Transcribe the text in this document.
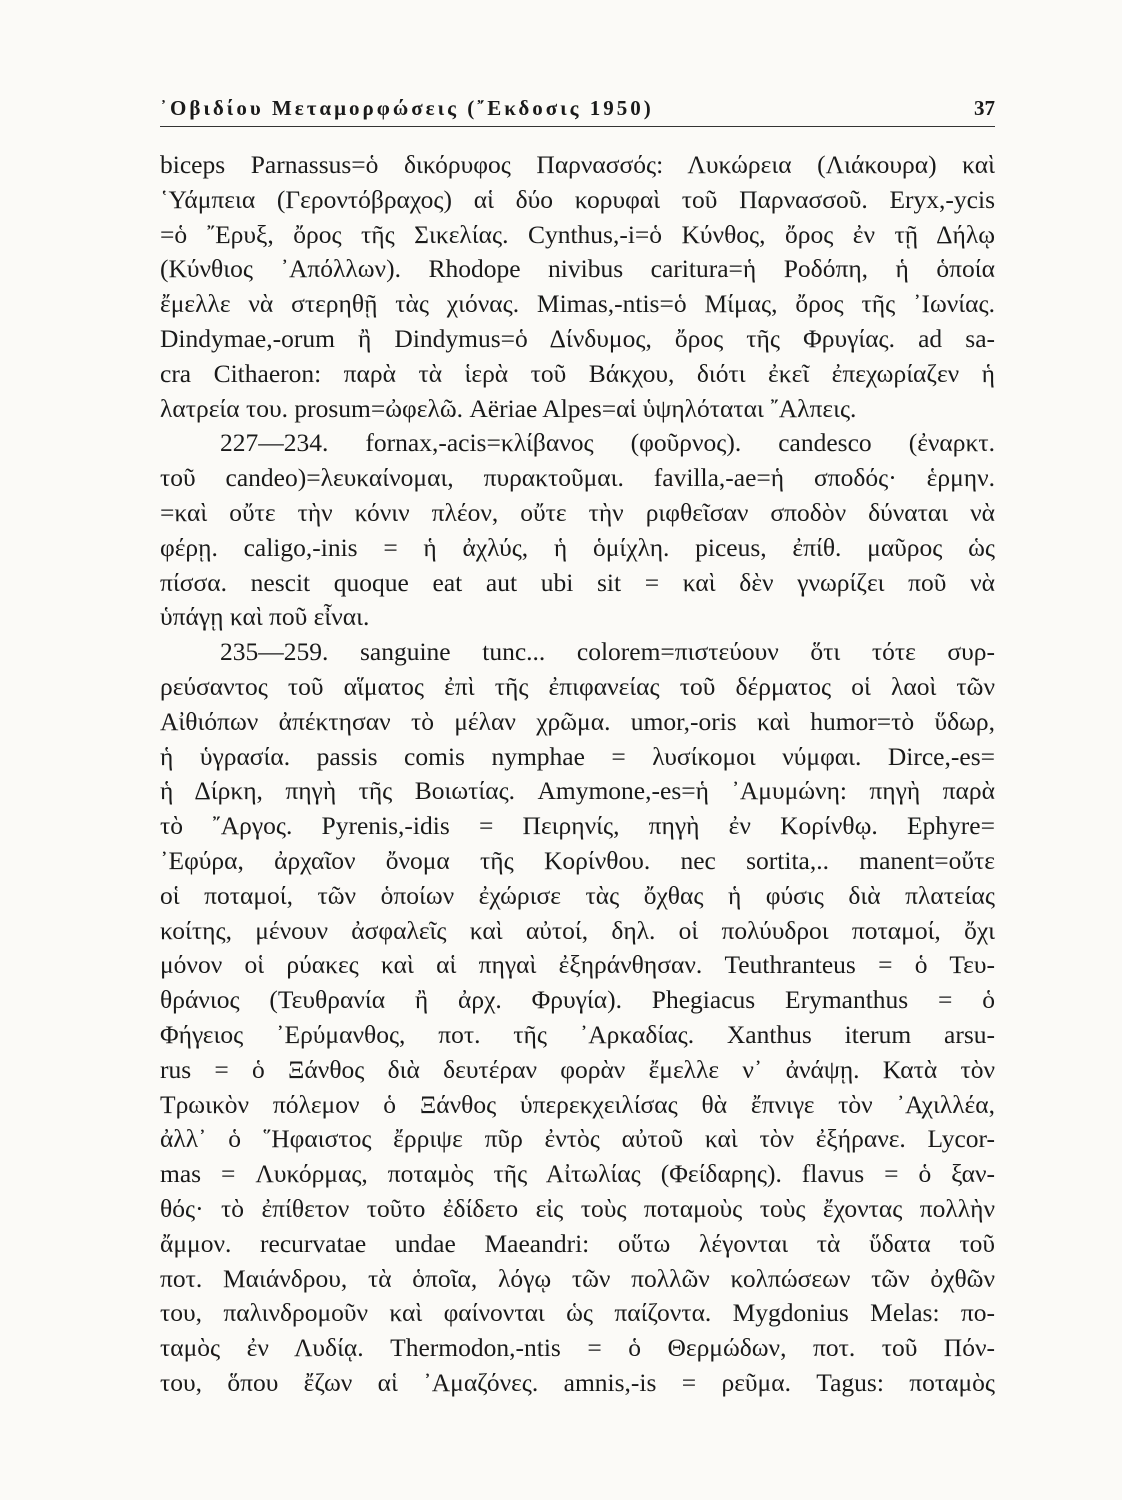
᾿Οβιδίου Μεταμορφώσεις (῎Εκδοσις 1950)	37
biceps Parnassus=ὁ δικόρυφος Παρνασσός: Λυκώρεια (Λιάκουρα) καὶ
῾Υάμπεια (Γεροντόβραχος) αἱ δύο κορυφαὶ τοῦ Παρνασσοῦ. Eryx,-ycis
=ὁ ῎Ερυξ, ὄρος τῆς Σικελίας. Cynthus,-i=ὁ Κύνθος, ὄρος ἐν τῇ Δήλῳ
(Κύνθιος ᾿Απόλλων). Rhodope nivibus caritura=ἡ Ροδόπη, ἡ ὁποία
ἔμελλε νὰ στερηθῇ τὰς χιόνας. Mimas,-ntis=ὁ Μίμας, ὄρος τῆς ᾿Ιωνίας.
Dindymae,-orum ἢ Dindymus=ὁ Δίνδυμος, ὄρος τῆς Φρυγίας. ad sa-
cra Cithaeron: παρὰ τὰ ἱερὰ τοῦ Βάκχου, διότι ἐκεῖ ἐπεχωρίαζεν ἡ
λατρεία του. prosum=ὠφελῶ. Aëriae Alpes=αἱ ὑψηλόταται ῎Αλπεις.
227—234. fornax,-acis=κλίβανος (φοῦρνος). candesco (ἐναρκτ.
τοῦ candeo)=λευκαίνομαι, πυρακτοῦμαι. favilla,-ae=ἡ σποδός· ἑρμην.
=καὶ οὔτε τὴν κόνιν πλέον, οὔτε τὴν ριφθεῖσαν σποδὸν δύναται νὰ
φέρῃ. caligo,-inis = ἡ ἀχλύς, ἡ ὁμίχλη. piceus, ἐπίθ. μαῦρος ὡς
πίσσα. nescit quoque eat aut ubi sit = καὶ δὲν γνωρίζει ποῦ νὰ
ὑπάγῃ καὶ ποῦ εἶναι.
235—259. sanguine tunc... colorem=πιστεύουν ὅτι τότε συρ-
ρεύσαντος τοῦ αἵματος ἐπὶ τῆς ἐπιφανείας τοῦ δέρματος οἱ λαοὶ τῶν
Αἰθιόπων ἀπέκτησαν τὸ μέλαν χρῶμα. umor,-oris καὶ humor=τὸ ὕδωρ,
ἡ ὑγρασία. passis comis nymphae = λυσίκομοι νύμφαι. Dirce,-es=
ἡ Δίρκη, πηγὴ τῆς Βοιωτίας. Amymone,-es=ἡ ᾿Αμυμώνη: πηγὴ παρὰ
τὸ ῎Αργος. Pyrenis,-idis = Πειρηνίς, πηγὴ ἐν Κορίνθῳ. Ephyre=
᾿Εφύρα, ἀρχαῖον ὄνομα τῆς Κορίνθου. nec sortita,.. manent=οὔτε
οἱ ποταμοί, τῶν ὁποίων ἐχώρισε τὰς ὄχθας ἡ φύσις διὰ πλατείας
κοίτης, μένουν ἀσφαλεῖς καὶ αὐτοί, δηλ. οἱ πολύυδροι ποταμοί, ὄχι
μόνον οἱ ρύακες καὶ αἱ πηγαὶ ἐξηράνθησαν. Teuthranteus = ὁ Τευ-
θράνιος (Τευθρανία ἢ ἀρχ. Φρυγία). Phegiacus Erymanthus = ὁ
Φήγειος ᾿Ερύμανθος, ποτ. τῆς ᾿Αρκαδίας. Xanthus iterum arsu-
rus = ὁ Ξάνθος διὰ δευτέραν φορὰν ἔμελλε ν᾿ ἀνάψῃ. Κατὰ τὸν
Τρωικὸν πόλεμον ὁ Ξάνθος ὑπερεκχειλίσας θὰ ἔπνιγε τὸν ᾿Αχιλλέα,
ἀλλ᾿ ὁ ῞Ηφαιστος ἔρριψε πῦρ ἐντὸς αὐτοῦ καὶ τὸν ἐξήρανε. Lycor-
mas = Λυκόρμας, ποταμὸς τῆς Αἰτωλίας (Φείδαρης). flavus = ὁ ξαν-
θός· τὸ ἐπίθετον τοῦτο ἐδίδετο εἰς τοὺς ποταμοὺς τοὺς ἔχοντας πολλὴν
ἄμμον. recurvatae undae Maeandri: οὕτω λέγονται τὰ ὕδατα τοῦ
ποτ. Μαιάνδρου, τὰ ὁποῖα, λόγῳ τῶν πολλῶν κολπώσεων τῶν ὀχθῶν
του, παλινδρομοῦν καὶ φαίνονται ὡς παίζοντα. Mygdonius Melas: πο-
ταμὸς ἐν Λυδίᾳ. Thermodon,-ntis = ὁ Θερμώδων, ποτ. τοῦ Πόν-
του, ὅπου ἔζων αἱ ᾿Αμαζόνες. amnis,-is = ρεῦμα. Tagus: ποταμὸς
